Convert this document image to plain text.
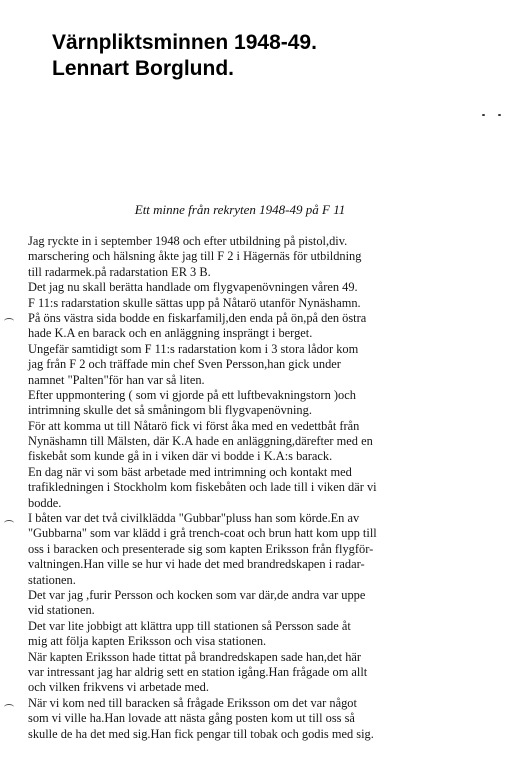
Värnpliktsminnen 1948-49.
Lennart Borglund.
Ett minne från rekryten 1948-49 på F 11
Jag ryckte in i september 1948 och efter utbildning på pistol,div.
marschering och hälsning åkte jag till F 2 i Hägernäs för utbildning
till radarmek.på radarstation ER 3 B.
Det jag nu skall berätta handlade om flygvapenövningen våren 49.
F 11:s radarstation skulle sättas upp på Nåtarö utanför Nynäshamn.
På öns västra sida bodde en fiskarfamilj,den enda på ön,på den östra
hade K.A en barack och en anläggning insprängt i berget.
Ungefär samtidigt som F 11:s radarstation kom i 3 stora lådor kom
jag från F 2 och träffade min chef Sven Persson,han gick under
namnet "Palten"för han var så liten.
Efter uppmontering ( som vi gjorde på ett luftbevakningstorn )och
intrimning skulle det så småningom bli flygvapenövning.
För att komma ut till Nåtarö fick vi först åka med en vedettbåt från
Nynäshamn till Mälsten, där K.A hade en anläggning,därefter med en
fiskebåt som kunde gå in i viken där vi bodde i K.A:s barack.
En dag när vi som bäst arbetade med intrimning och kontakt med
trafikledningen i Stockholm kom fiskebåten och lade till i viken där vi
bodde.
I båten var det två civilklädda "Gubbar"pluss han som körde.En av
"Gubbarna" som var klädd i grå trench-coat och brun hatt kom upp till
oss i baracken och presenterade sig som kapten Eriksson från flygför-
valtningen.Han ville se hur vi hade det med brandredskapen i radar-
stationen.
Det var jag ,furir Persson och kocken som var där,de andra var uppe
vid stationen.
Det var lite jobbigt att klättra upp till stationen så Persson sade åt
mig att följa kapten Eriksson och visa stationen.
När kapten Eriksson hade tittat på brandredskapen sade han,det här
var intressant jag har aldrig sett en station igång.Han frågade om allt
och vilken frikvens vi arbetade med.
När vi kom ned till baracken så frågade Eriksson om det var något
som vi ville ha.Han lovade att nästa gång posten kom ut till oss så
skulle de ha det med sig.Han fick pengar till tobak och godis med sig.
